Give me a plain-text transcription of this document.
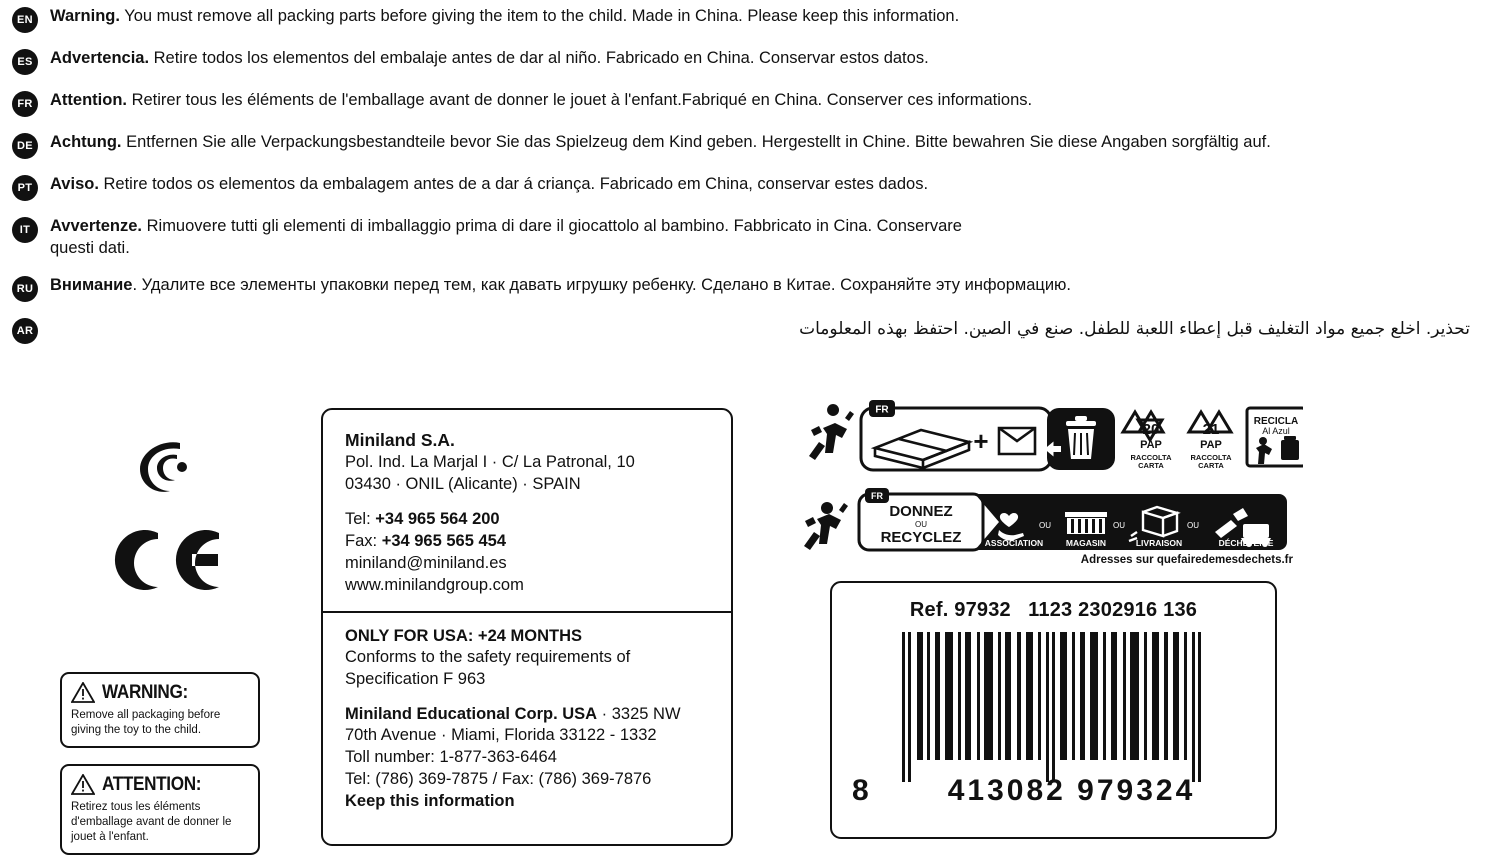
EN	Warning. You must remove all packing parts before giving the item to the child. Made in China. Please keep this information.
ES	Advertencia. Retire todos los elementos del embalaje antes de dar al niño. Fabricado en China. Conservar estos datos.
FR	Attention. Retirer tous les éléments de l'emballage avant de donner le jouet à l'enfant.Fabriqué en China. Conserver ces informations.
DE	Achtung. Entfernen Sie alle Verpackungsbestandteile bevor Sie das Spielzeug dem Kind geben. Hergestellt in Chine. Bitte bewahren Sie diese Angaben sorgfältig auf.
PT	Aviso. Retire todos os elementos da embalagem antes de a dar á criança. Fabricado em China, conservar estes dados.
IT	Avvertenze. Rimuovere tutti gli elementi di imballaggio prima di dare il giocattolo al bambino. Fabbricato in Cina. Conservare questi dati.
RU Внимание. Удалите все элементы упаковки перед тем, как давать игрушку ребенку. Сделано в Китае. Сохраняйте эту информацию.
AR	تحذير. اخلع جميع مواد التغليف قبل إعطاء اللعبة للطفل. صنع في الصين. احتفظ بهذه المعلومات
WARNING:
Remove all packaging before giving the toy to the child.
ATTENTION:
Retirez tous les éléments d'emballage avant de donner le jouet à l'enfant.
Miniland S.A.
Pol. Ind. La Marjal I · C/ La Patronal, 10
03430 · ONIL (Alicante) · SPAIN
Tel: +34 965 564 200
Fax: +34 965 565 454
miniland@miniland.es
www.minilandgroup.com
ONLY FOR USA: +24 MONTHS
Conforms to the safety requirements of
Specification F 963
Miniland Educational Corp. USA · 3325 NW
70th Avenue · Miami, Florida 33122 - 1332
Toll number: 1-877-363-6464
Tel: (786) 369-7875 / Fax: (786) 369-7876
Keep this information
FR
+	20
PAP
RACCOLTA
CARTA
21
PAP
RACCOLTA
CARTA
RECICLA
Al Azul
FR
DONNEZ
OU
RECYCLEZ	ASSOCIATION
OU
MAGASIN
OU
LIVRAISON
OU
DÉCHÈTERIE
Adresses sur quefairedemesdechets.fr
Ref. 97932 1123 2302916 136
8	413082 979324
